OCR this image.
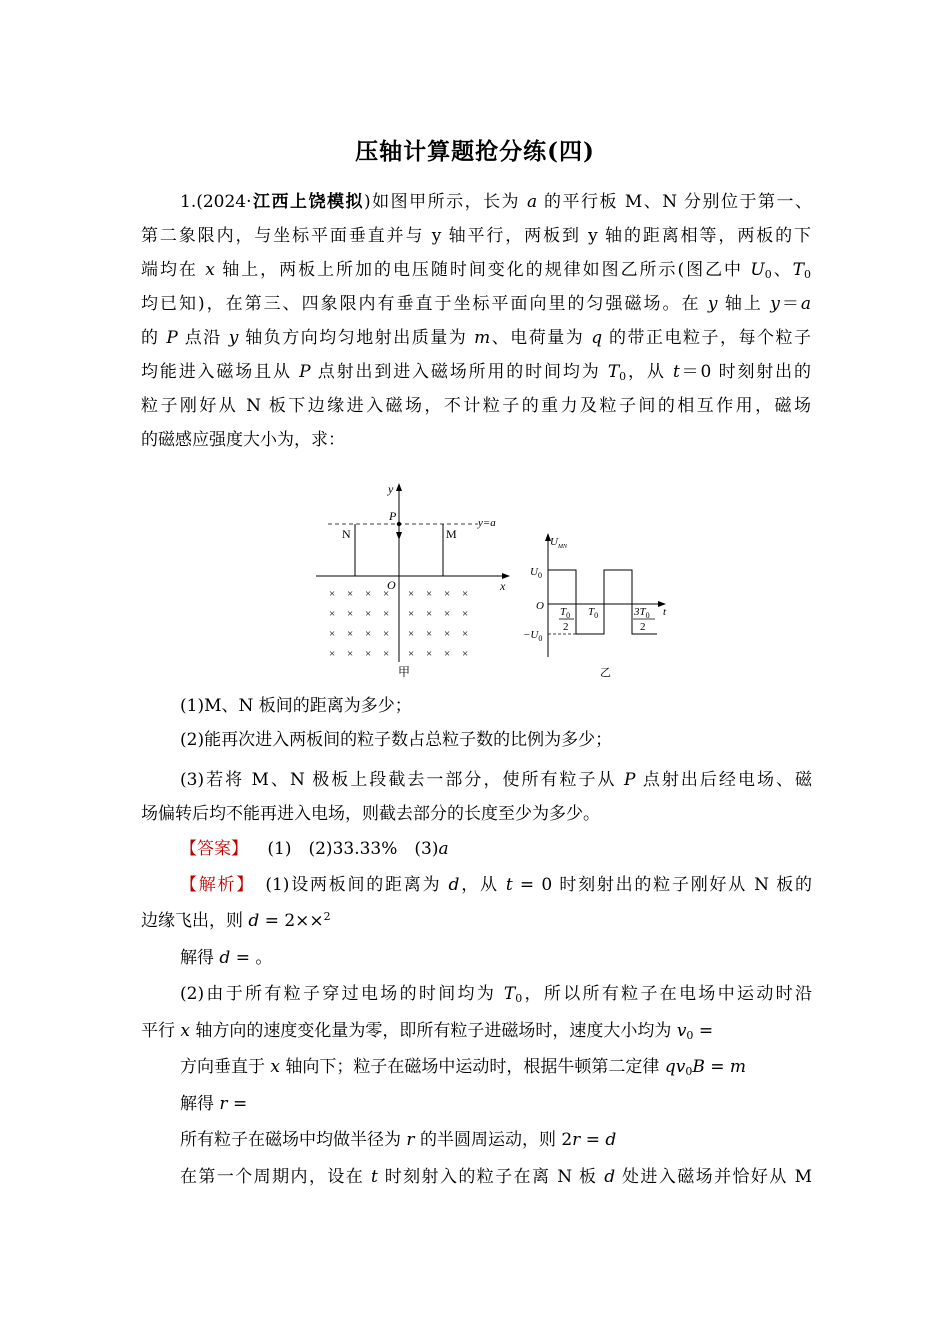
压轴计算题抢分练(四)
1.(2024·江西上饶模拟)如图甲所示，长为 a 的平行板 M、N 分别位于第一、
第二象限内，与坐标平面垂直并与 y 轴平行，两板到 y 轴的距离相等，两板的下
端均在 x 轴上，两板上所加的电压随时间变化的规律如图乙所示(图乙中 $U_0$、$T_0$
均已知)，在第三、四象限内有垂直于坐标平面向里的匀强磁场。在 y 轴上 y＝a
的 P 点沿 y 轴负方向均匀地射出质量为 m、电荷量为 q 的带正电粒子，每个粒子
均能进入磁场且从 P 点射出到进入磁场所用的时间均为 $T_0$，从 t＝0 时刻射出的
粒子刚好从 N 板下边缘进入磁场，不计粒子的重力及粒子间的相互作用，磁场
的磁感应强度大小为，求：
y
x
O
P
N	M
y=a
× × × × × × × ×
× × × × × × × ×
× × × × × × × ×
× × × × × × × ×
甲
$U_{MN}$
$U_0$
$-U_0$
O	t
$T_0$
2
$T_0$	$3T_0$
2
乙
(1)M、N 板间的距离为多少；
(2)能再次进入两板间的粒子数占总粒子数的比例为多少；
(3)若将 M、N 极板上段截去一部分，使所有粒子从 P 点射出后经电场、磁
场偏转后均不能再进入电场，则截去部分的长度至少为多少。
【答案】 (1)　(2)33.33%　(3)a
【解析】　(1)设两板间的距离为 d，从 t = 0 时刻射出的粒子刚好从 N 板的
边缘飞出，则 d = 2××$^2$
解得 d = 。
(2)由于所有粒子穿过电场的时间均为 $T_0$，所以所有粒子在电场中运动时沿
平行 x 轴方向的速度变化量为零，即所有粒子进磁场时，速度大小均为 $v_0$ =
方向垂直于 x 轴向下；粒子在磁场中运动时，根据牛顿第二定律 $qv_0B = m$
解得 r =
所有粒子在磁场中均做半径为 r 的半圆周运动，则 2r = d
在第一个周期内，设在 t 时刻射入的粒子在离 N 板 d 处进入磁场并恰好从 M
